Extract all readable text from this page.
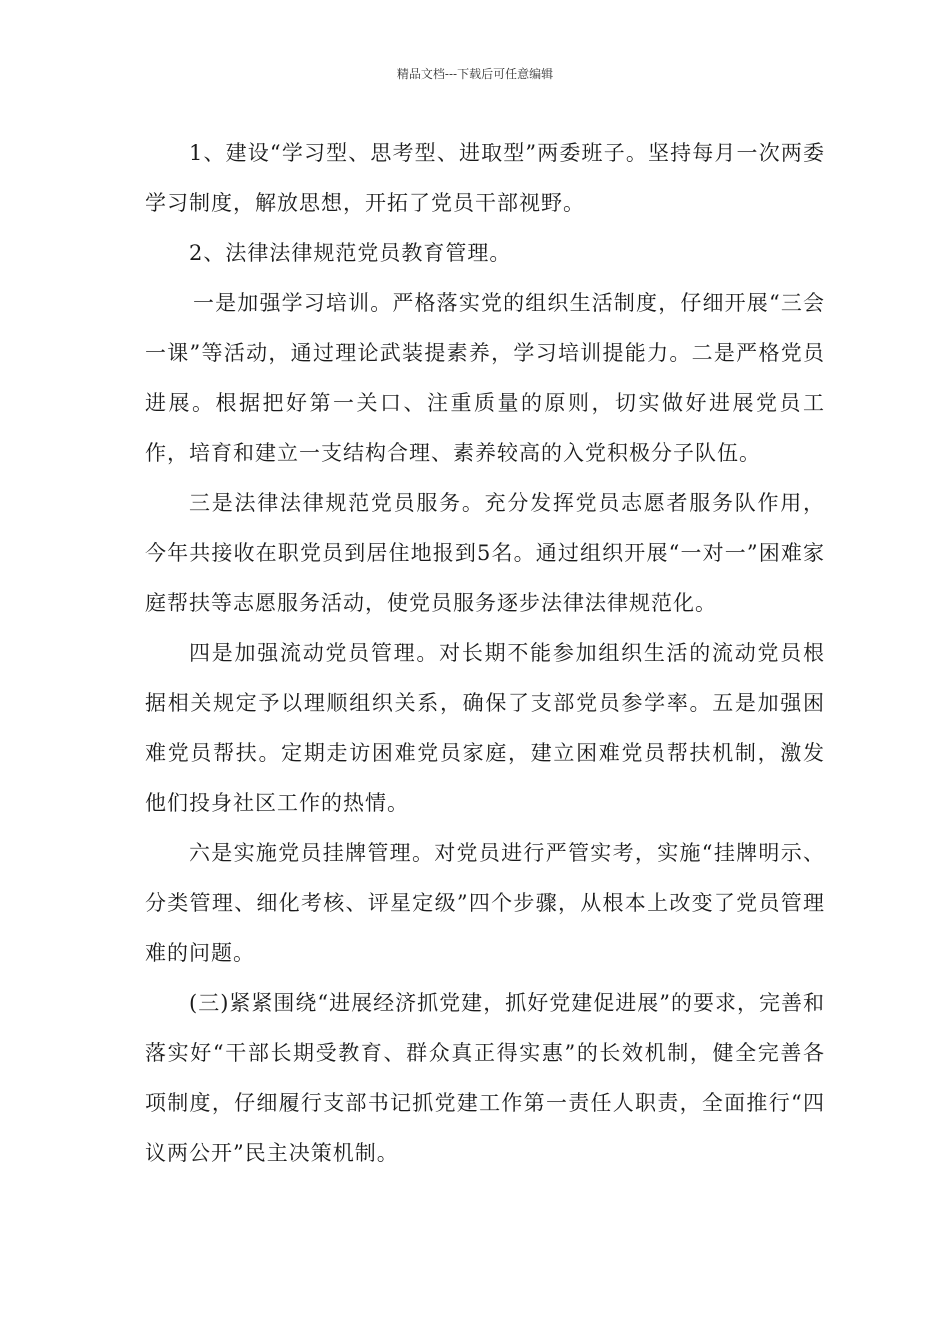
精品文档---下载后可任意编辑

1、建设“学习型、思考型、进取型”两委班子。坚持每月一次两委学习制度，解放思想，开拓了党员干部视野。

2、法律法律规范党员教育管理。

一是加强学习培训。严格落实党的组织生活制度，仔细开展“三会一课”等活动，通过理论武装提素养，学习培训提能力。二是严格党员进展。根据把好第一关口、注重质量的原则，切实做好进展党员工作，培育和建立一支结构合理、素养较高的入党积极分子队伍。

三是法律法律规范党员服务。充分发挥党员志愿者服务队作用，今年共接收在职党员到居住地报到5名。通过组织开展“一对一”困难家庭帮扶等志愿服务活动，使党员服务逐步法律法律规范化。

四是加强流动党员管理。对长期不能参加组织生活的流动党员根据相关规定予以理顺组织关系，确保了支部党员参学率。五是加强困难党员帮扶。定期走访困难党员家庭，建立困难党员帮扶机制，激发他们投身社区工作的热情。

六是实施党员挂牌管理。对党员进行严管实考，实施“挂牌明示、分类管理、细化考核、评星定级”四个步骤，从根本上改变了党员管理难的问题。

(三)紧紧围绕“进展经济抓党建，抓好党建促进展”的要求，完善和落实好“干部长期受教育、群众真正得实惠”的长效机制，健全完善各项制度，仔细履行支部书记抓党建工作第一责任人职责，全面推行“四议两公开”民主决策机制。
